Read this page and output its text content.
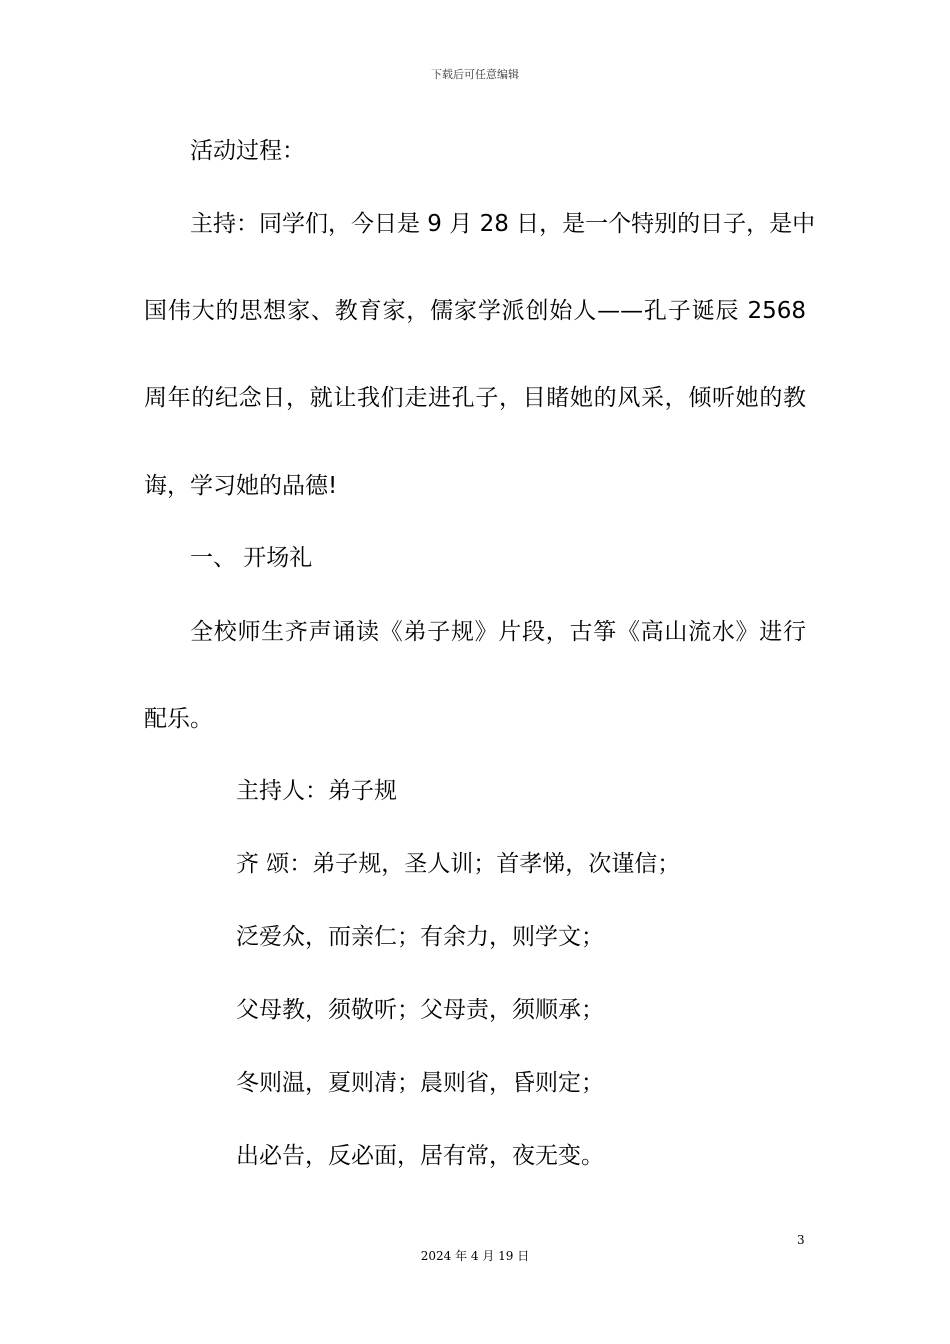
下载后可任意编辑
活动过程：
主持：同学们，今日是 9 月 28 日，是一个特别的日子，是中
国伟大的思想家、教育家，儒家学派创始人——孔子诞辰 2568
周年的纪念日，就让我们走进孔子，目睹她的风采，倾听她的教
诲，学习她的品德!
一、 开场礼
全校师生齐声诵读《弟子规》片段，古筝《高山流水》进行
配乐。
主持人：弟子规
齐 颂：弟子规，圣人训；首孝悌，次谨信；
泛爱众，而亲仁；有余力，则学文；
父母教，须敬听；父母责，须顺承；
冬则温，夏则凊；晨则省，昏则定；
出必告，反必面，居有常，夜无变。
3
2024 年 4 月 19 日
